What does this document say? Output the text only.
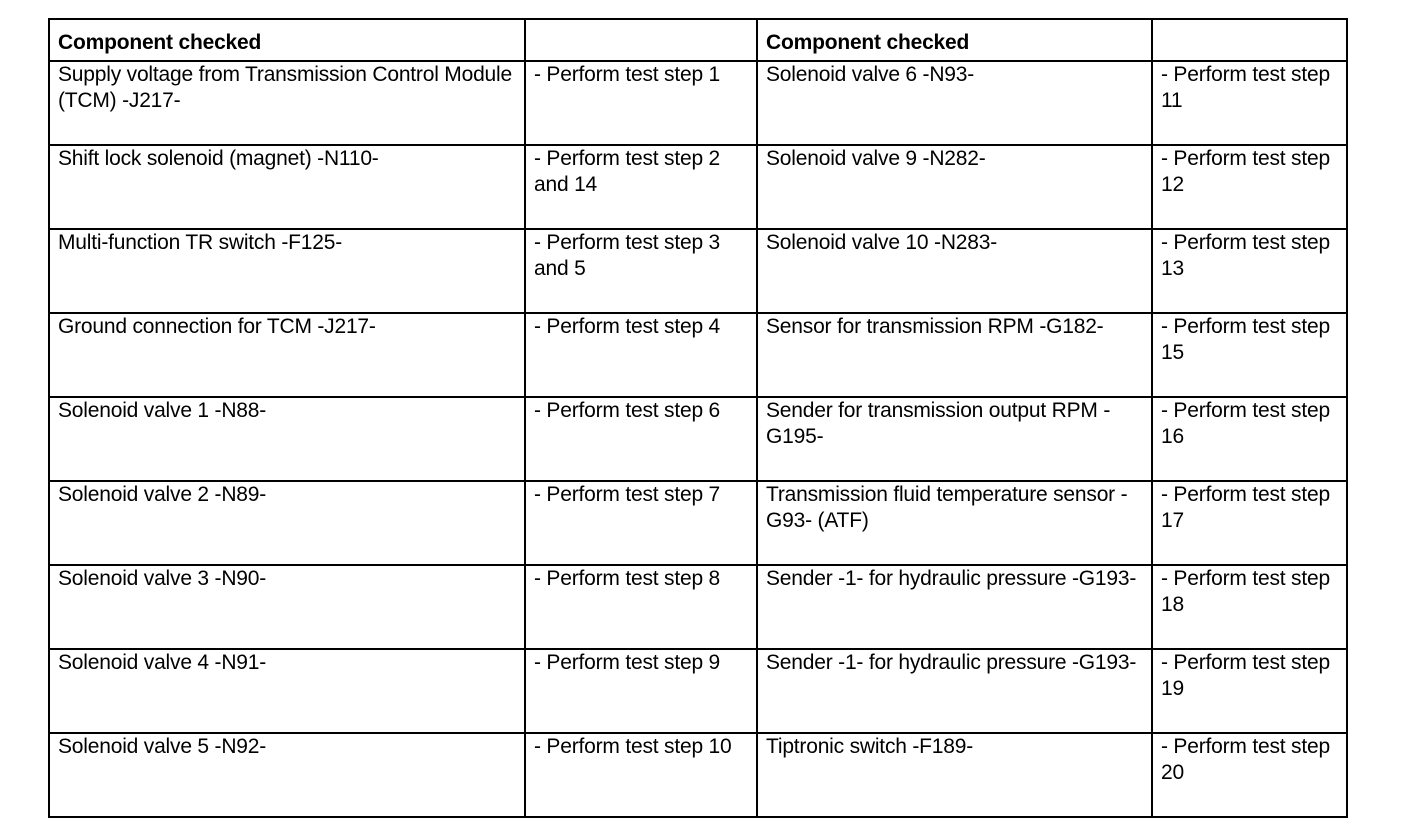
Component checked		Component checked	
Supply voltage from Transmission Control Module (TCM) -J217-	- Perform test step 1	Solenoid valve 6 -N93-	- Perform test step 11
Shift lock solenoid (magnet) -N110-	- Perform test step 2 and 14	Solenoid valve 9 -N282-	- Perform test step 12
Multi-function TR switch -F125-	- Perform test step 3 and 5	Solenoid valve 10 -N283-	- Perform test step 13
Ground connection for TCM -J217-	- Perform test step 4	Sensor for transmission RPM -G182-	- Perform test step 15
Solenoid valve 1 -N88-	- Perform test step 6	Sender for transmission output RPM -G195-	- Perform test step 16
Solenoid valve 2 -N89-	- Perform test step 7	Transmission fluid temperature sensor -G93- (ATF)	- Perform test step 17
Solenoid valve 3 -N90-	- Perform test step 8	Sender -1- for hydraulic pressure -G193-	- Perform test step 18
Solenoid valve 4 -N91-	- Perform test step 9	Sender -1- for hydraulic pressure -G193-	- Perform test step 19
Solenoid valve 5 -N92-	- Perform test step 10	Tiptronic switch -F189-	- Perform test step 20
